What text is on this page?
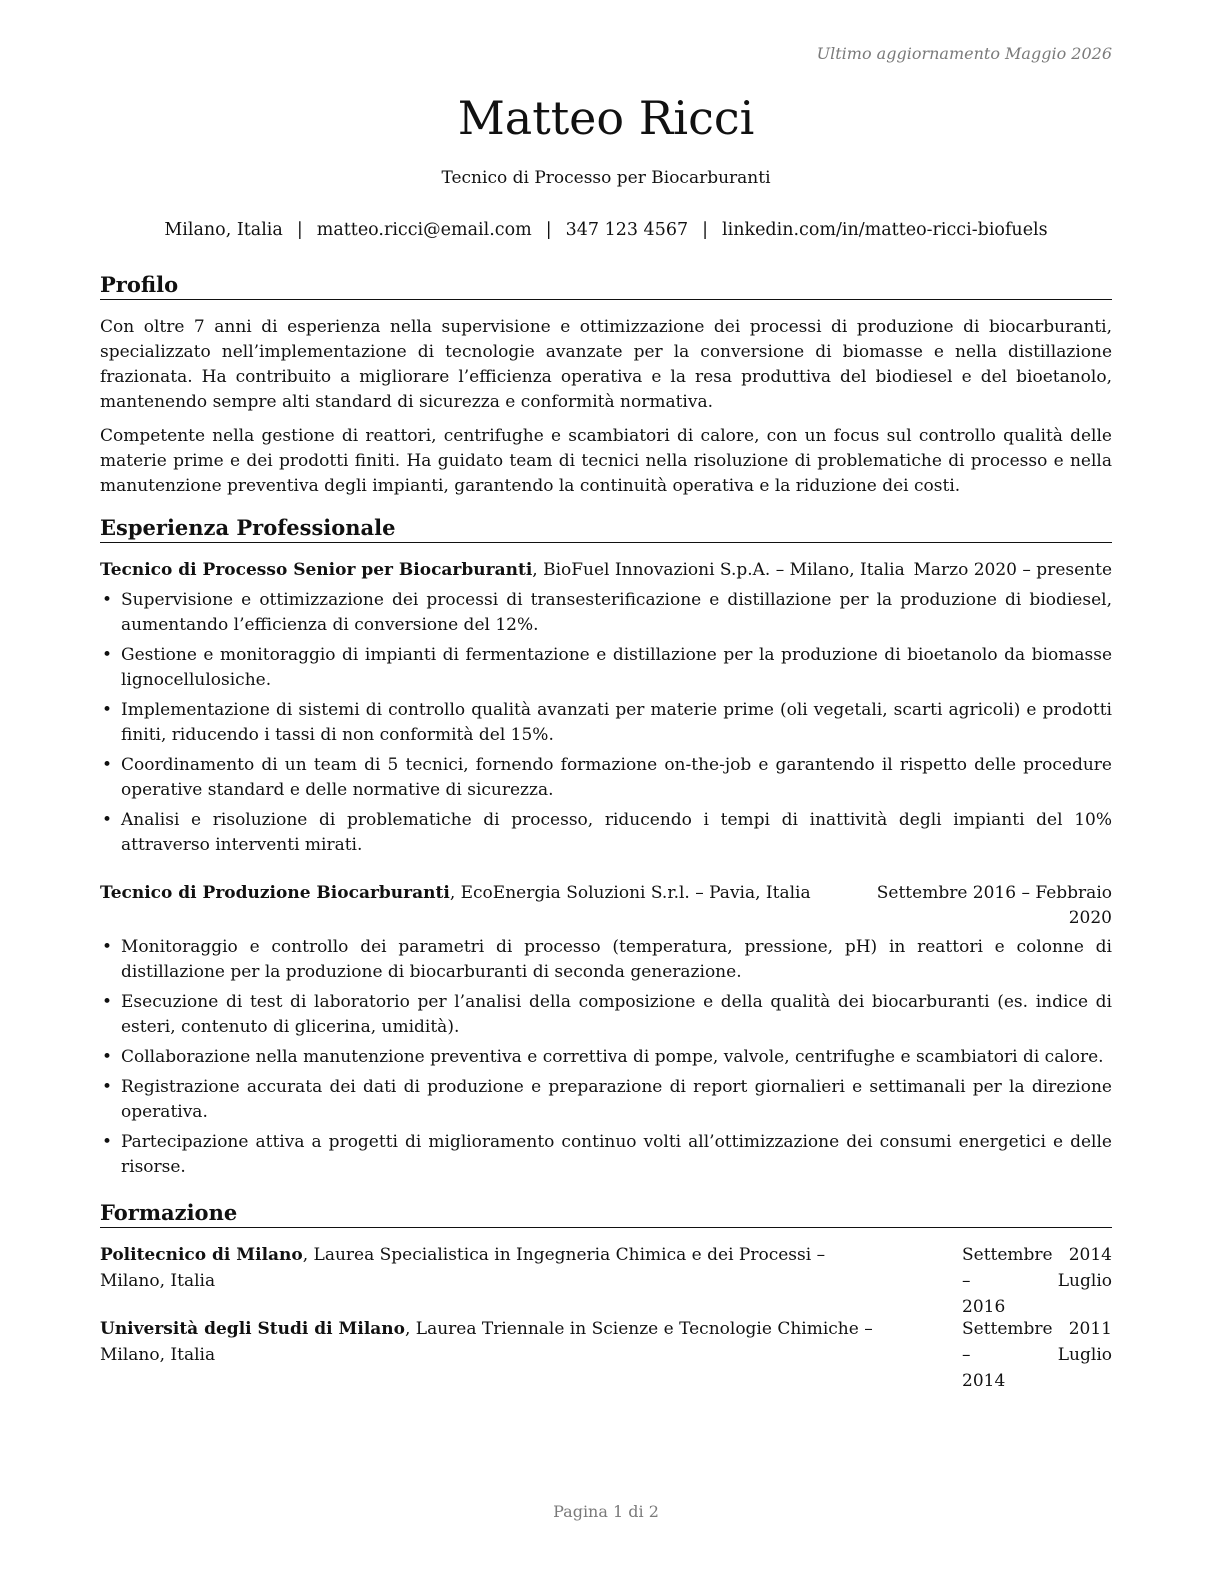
Ultimo aggiornamento Maggio 2026
Matteo Ricci
Tecnico di Processo per Biocarburanti
Milano, Italia | matteo.ricci@email.com | 347 123 4567 | linkedin.com/in/matteo-ricci-biofuels
Profilo

Con oltre 7 anni di esperienza nella supervisione e ottimizzazione dei processi di produzione di biocarburanti, specializzato nell’implementazione di tecnologie avanzate per la conversione di biomasse e nella distillazione frazionata. Ha contribuito a migliorare l’efficienza operativa e la resa produttiva del biodiesel e del bioetanolo, mantenendo sempre alti standard di sicurezza e conformità normativa.

Competente nella gestione di reattori, centrifughe e scambiatori di calore, con un focus sul controllo qualità delle materie prime e dei prodotti finiti. Ha guidato team di tecnici nella risoluzione di problematiche di processo e nella manutenzione preventiva degli impianti, garantendo la continuità operativa e la riduzione dei costi.

Esperienza Professionale
Tecnico di Processo Senior per Biocarburanti, BioFuel Innovazioni S.p.A. – Milano, Italia Marzo 2020 – presente
• Supervisione e ottimizzazione dei processi di transesterificazione e distillazione per la produzione di biodiesel, aumentando l’efficienza di conversione del 12%.
• Gestione e monitoraggio di impianti di fermentazione e distillazione per la produzione di bioetanolo da biomasse lignocellulosiche.
• Implementazione di sistemi di controllo qualità avanzati per materie prime (oli vegetali, scarti agricoli) e prodotti finiti, riducendo i tassi di non conformità del 15%.
• Coordinamento di un team di 5 tecnici, fornendo formazione on-the-job e garantendo il rispetto delle procedure operative standard e delle normative di sicurezza.
• Analisi e risoluzione di problematiche di processo, riducendo i tempi di inattività degli impianti del 10% attraverso interventi mirati.
Tecnico di Produzione Biocarburanti, EcoEnergia Soluzioni S.r.l. – Pavia, Italia	Settembre 2016 – Febbraio
2020
• Monitoraggio e controllo dei parametri di processo (temperatura, pressione, pH) in reattori e colonne di distillazione per la produzione di biocarburanti di seconda generazione.
• Esecuzione di test di laboratorio per l’analisi della composizione e della qualità dei biocarburanti (es. indice di esteri, contenuto di glicerina, umidità).
• Collaborazione nella manutenzione preventiva e correttiva di pompe, valvole, centrifughe e scambiatori di calore.
• Registrazione accurata dei dati di produzione e preparazione di report giornalieri e settimanali per la direzione operativa.
• Partecipazione attiva a progetti di miglioramento continuo volti all’ottimizzazione dei consumi energetici e delle risorse.
Formazione
Politecnico di Milano, Laurea Specialistica in Ingegneria Chimica e dei Processi – Milano, Italia
Settembre 2014 – Luglio

2016
Università degli Studi di Milano, Laurea Triennale in Scienze e Tecnologie Chimiche – Milano, Italia
Settembre 2011 – Luglio

2014
Pagina 1 di 2
